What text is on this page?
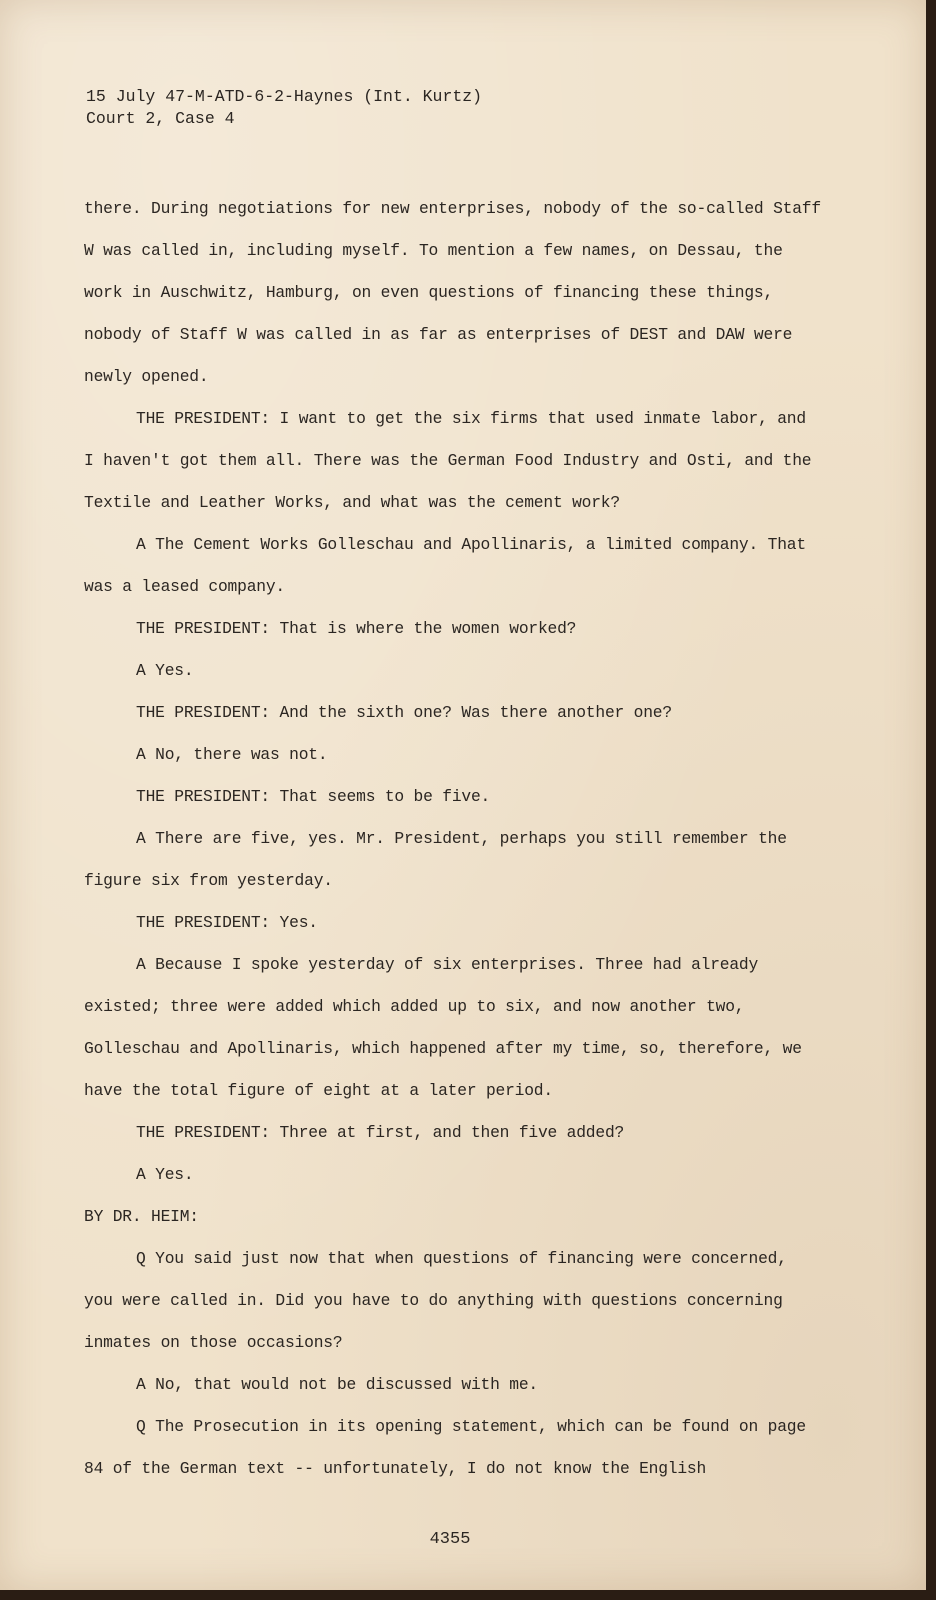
15 July 47-M-ATD-6-2-Haynes (Int. Kurtz)

Court 2, Case 4

there. During negotiations for new enterprises, nobody of the so-called Staff W was called in, including myself. To mention a few names, on Dessau, the work in Auschwitz, Hamburg, on even questions of financing these things, nobody of Staff W was called in as far as enterprises of DEST and DAW were newly opened.

THE PRESIDENT: I want to get the six firms that used inmate labor, and I haven't got them all. There was the German Food Industry and Osti, and the Textile and Leather Works, and what was the cement work?

A The Cement Works Golleschau and Apollinaris, a limited company. That was a leased company.

THE PRESIDENT: That is where the women worked?

A Yes.

THE PRESIDENT: And the sixth one? Was there another one?

A No, there was not.

THE PRESIDENT: That seems to be five.

A There are five, yes. Mr. President, perhaps you still remember the figure six from yesterday.

THE PRESIDENT: Yes.

A Because I spoke yesterday of six enterprises. Three had already existed; three were added which added up to six, and now another two, Golleschau and Apollinaris, which happened after my time, so, therefore, we have the total figure of eight at a later period.

THE PRESIDENT: Three at first, and then five added?

A Yes.

BY DR. HEIM:

Q You said just now that when questions of financing were concerned, you were called in. Did you have to do anything with questions concerning inmates on those occasions?

A No, that would not be discussed with me.

Q The Prosecution in its opening statement, which can be found on page 84 of the German text -- unfortunately, I do not know the English

4355
